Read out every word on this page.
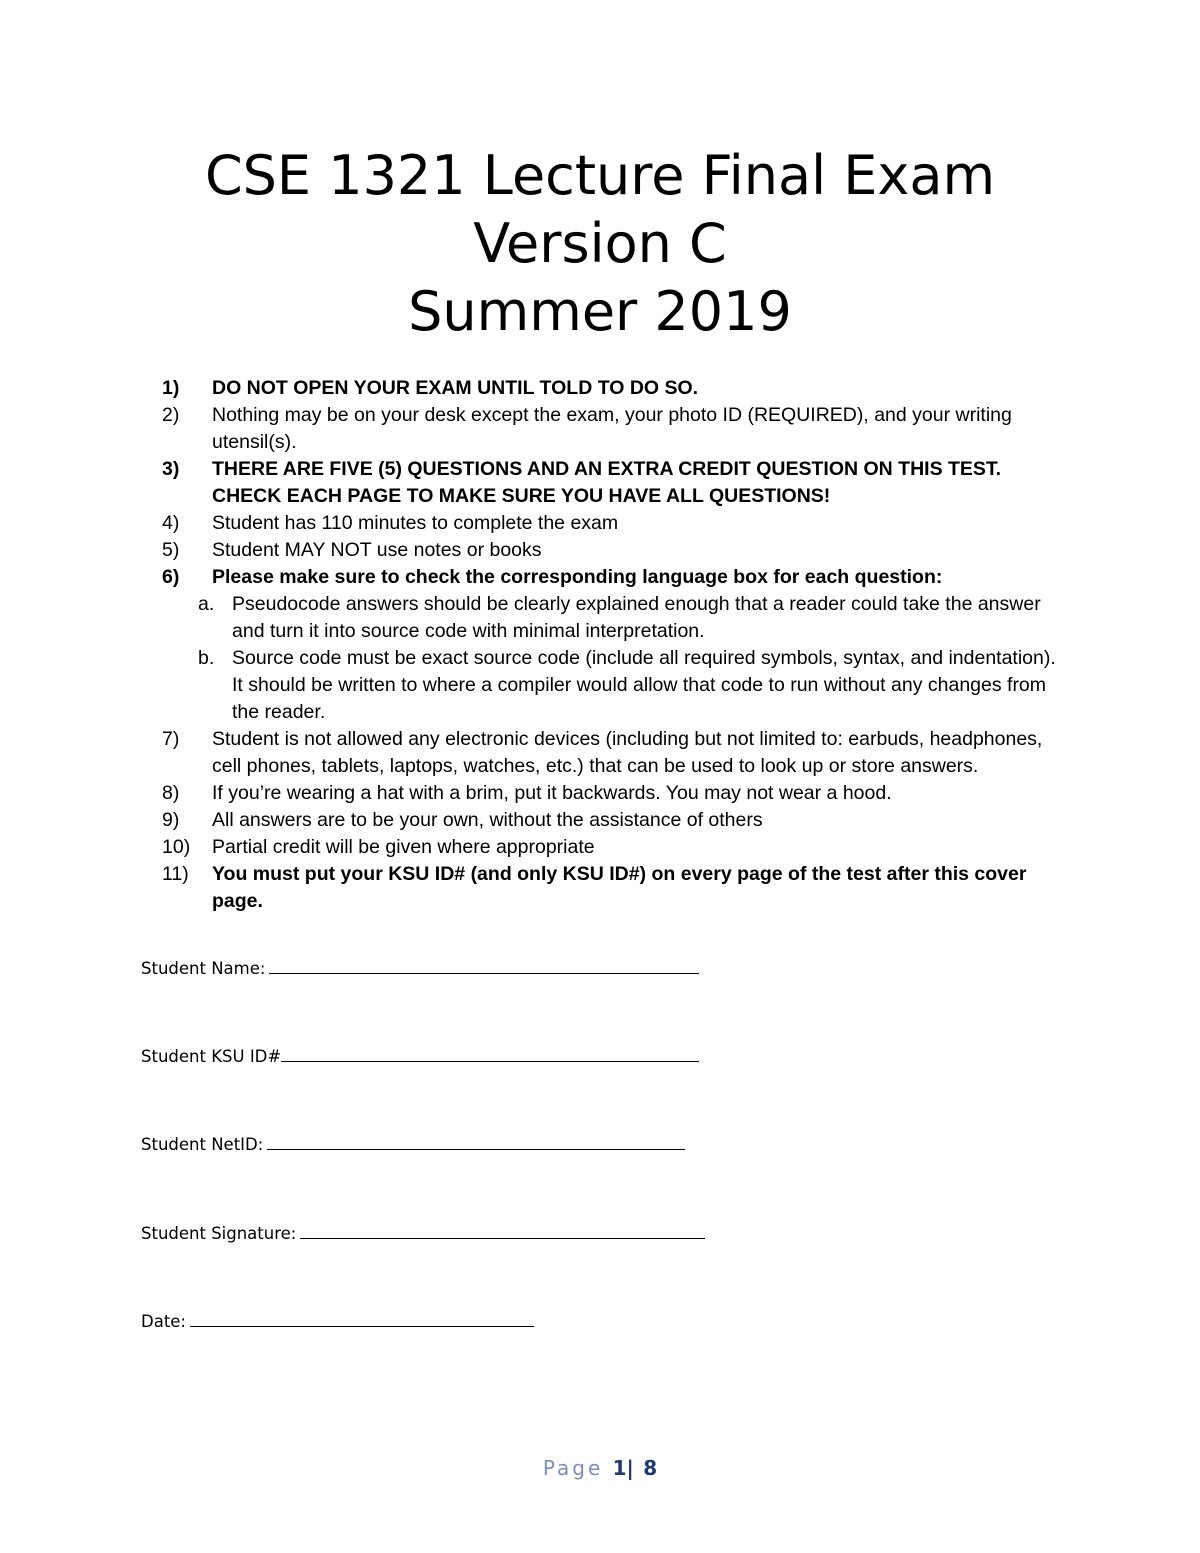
CSE 1321 Lecture Final Exam
Version C
Summer 2019
1) DO NOT OPEN YOUR EXAM UNTIL TOLD TO DO SO.
2) Nothing may be on your desk except the exam, your photo ID (REQUIRED), and your writing utensil(s).
3) THERE ARE FIVE (5) QUESTIONS AND AN EXTRA CREDIT QUESTION ON THIS TEST. CHECK EACH PAGE TO MAKE SURE YOU HAVE ALL QUESTIONS!
4) Student has 110 minutes to complete the exam
5) Student MAY NOT use notes or books
6) Please make sure to check the corresponding language box for each question:
a. Pseudocode answers should be clearly explained enough that a reader could take the answer and turn it into source code with minimal interpretation.
b. Source code must be exact source code (include all required symbols, syntax, and indentation). It should be written to where a compiler would allow that code to run without any changes from the reader.
7) Student is not allowed any electronic devices (including but not limited to: earbuds, headphones, cell phones, tablets, laptops, watches, etc.) that can be used to look up or store answers.
8) If you’re wearing a hat with a brim, put it backwards. You may not wear a hood.
9) All answers are to be your own, without the assistance of others
10) Partial credit will be given where appropriate
11) You must put your KSU ID# (and only KSU ID#) on every page of the test after this cover page.
Student Name:
Student KSU ID#
Student NetID:
Student Signature:
Date:
Page 1| 8
